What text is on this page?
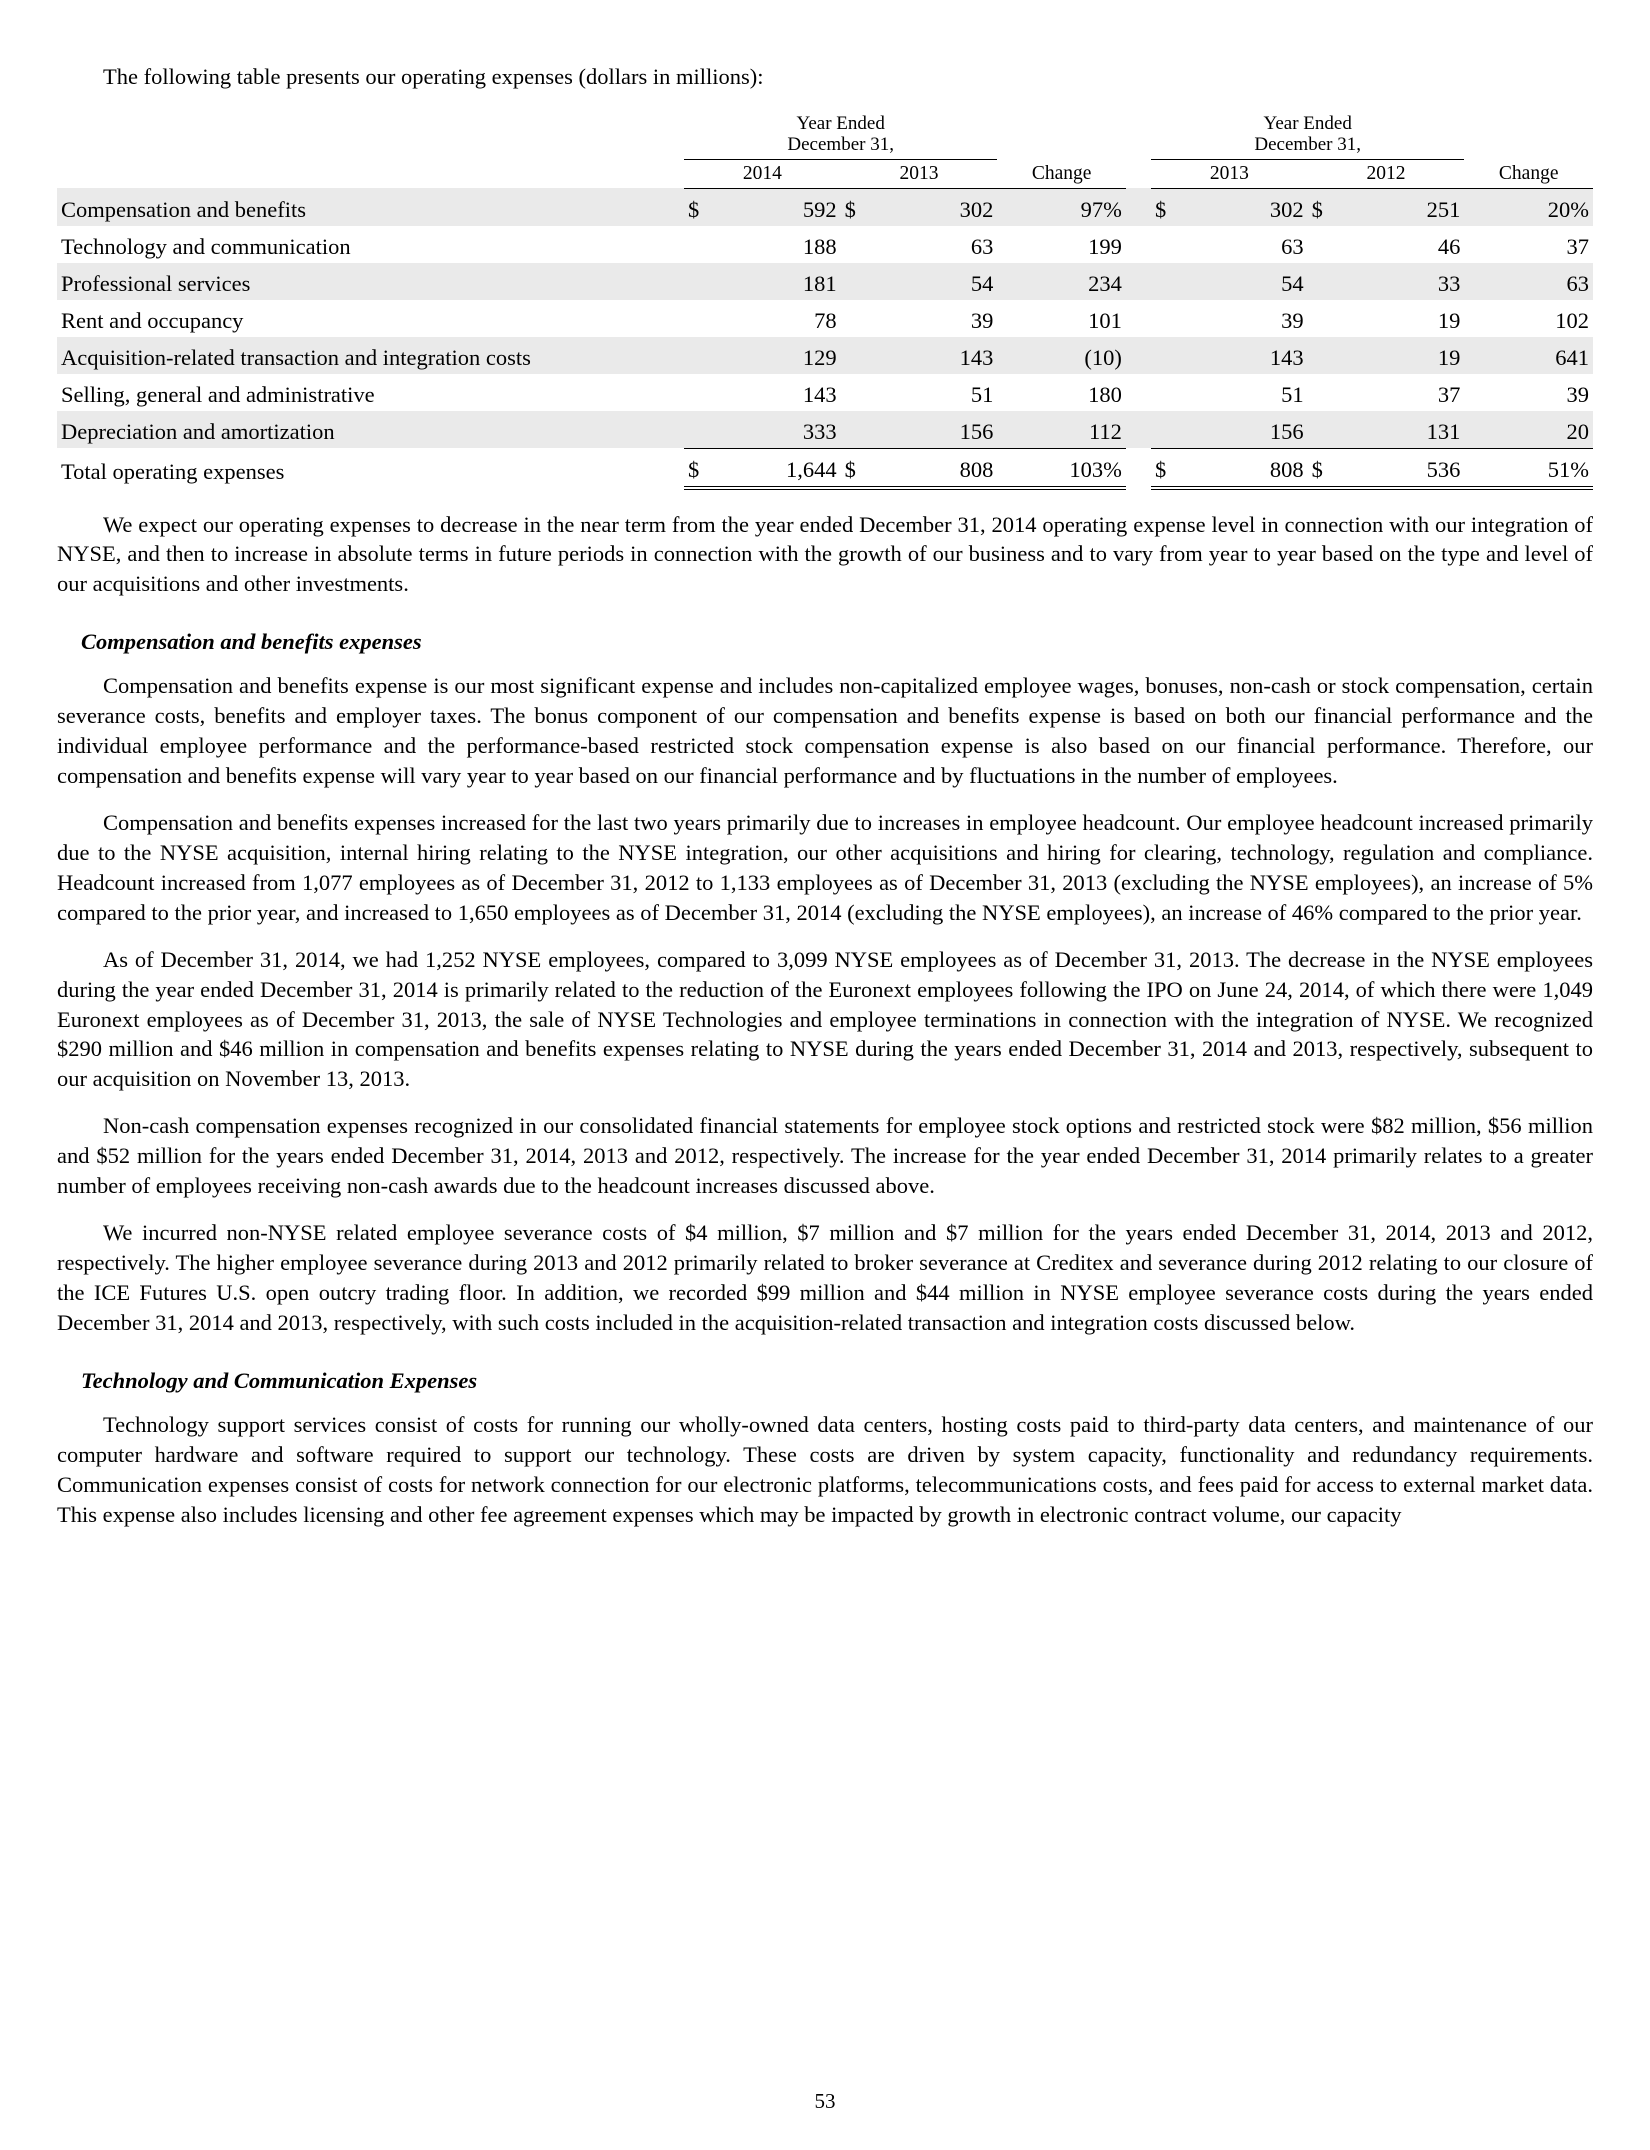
The following table presents our operating expenses (dollars in millions):

	Year Ended
December 31,						Year Ended
December 31,				

	2014		2013		Change		2013		2012		Change
Compensation and benefits	$	592	$	302	97%		$	302	$	251	20%
Technology and communication		188		63	199			63		46	37
Professional services		181		54	234			54		33	63
Rent and occupancy		78		39	101			39		19	102
Acquisition-related transaction and integration costs		129		143	(10)			143		19	641
Selling, general and administrative		143		51	180			51		37	39
Depreciation and amortization		333		156	112			156		131	20
Total operating expenses	$	1,644	$	808	103%		$	808	$	536	51%

We expect our operating expenses to decrease in the near term from the year ended December 31, 2014 operating expense level in connection with our integration of NYSE, and then to increase in absolute terms in future periods in connection with the growth of our business and to vary from year to year based on the type and level of our acquisitions and other investments.

Compensation and benefits expenses

Compensation and benefits expense is our most significant expense and includes non-capitalized employee wages, bonuses, non-cash or stock compensation, certain severance costs, benefits and employer taxes. The bonus component of our compensation and benefits expense is based on both our financial performance and the individual employee performance and the performance-based restricted stock compensation expense is also based on our financial performance. Therefore, our compensation and benefits expense will vary year to year based on our financial performance and by fluctuations in the number of employees.

Compensation and benefits expenses increased for the last two years primarily due to increases in employee headcount. Our employee headcount increased primarily due to the NYSE acquisition, internal hiring relating to the NYSE integration, our other acquisitions and hiring for clearing, technology, regulation and compliance. Headcount increased from 1,077 employees as of December 31, 2012 to 1,133 employees as of December 31, 2013 (excluding the NYSE employees), an increase of 5% compared to the prior year, and increased to 1,650 employees as of December 31, 2014 (excluding the NYSE employees), an increase of 46% compared to the prior year.

As of December 31, 2014, we had 1,252 NYSE employees, compared to 3,099 NYSE employees as of December 31, 2013. The decrease in the NYSE employees during the year ended December 31, 2014 is primarily related to the reduction of the Euronext employees following the IPO on June 24, 2014, of which there were 1,049 Euronext employees as of December 31, 2013, the sale of NYSE Technologies and employee terminations in connection with the integration of NYSE. We recognized $290 million and $46 million in compensation and benefits expenses relating to NYSE during the years ended December 31, 2014 and 2013, respectively, subsequent to our acquisition on November 13, 2013.

Non-cash compensation expenses recognized in our consolidated financial statements for employee stock options and restricted stock were $82 million, $56 million and $52 million for the years ended December 31, 2014, 2013 and 2012, respectively. The increase for the year ended December 31, 2014 primarily relates to a greater number of employees receiving non-cash awards due to the headcount increases discussed above.

We incurred non-NYSE related employee severance costs of $4 million, $7 million and $7 million for the years ended December 31, 2014, 2013 and 2012, respectively. The higher employee severance during 2013 and 2012 primarily related to broker severance at Creditex and severance during 2012 relating to our closure of the ICE Futures U.S. open outcry trading floor. In addition, we recorded $99 million and $44 million in NYSE employee severance costs during the years ended December 31, 2014 and 2013, respectively, with such costs included in the acquisition-related transaction and integration costs discussed below.

Technology and Communication Expenses

Technology support services consist of costs for running our wholly-owned data centers, hosting costs paid to third-party data centers, and maintenance of our computer hardware and software required to support our technology. These costs are driven by system capacity, functionality and redundancy requirements. Communication expenses consist of costs for network connection for our electronic platforms, telecommunications costs, and fees paid for access to external market data. This expense also includes licensing and other fee agreement expenses which may be impacted by growth in electronic contract volume, our capacity

53
